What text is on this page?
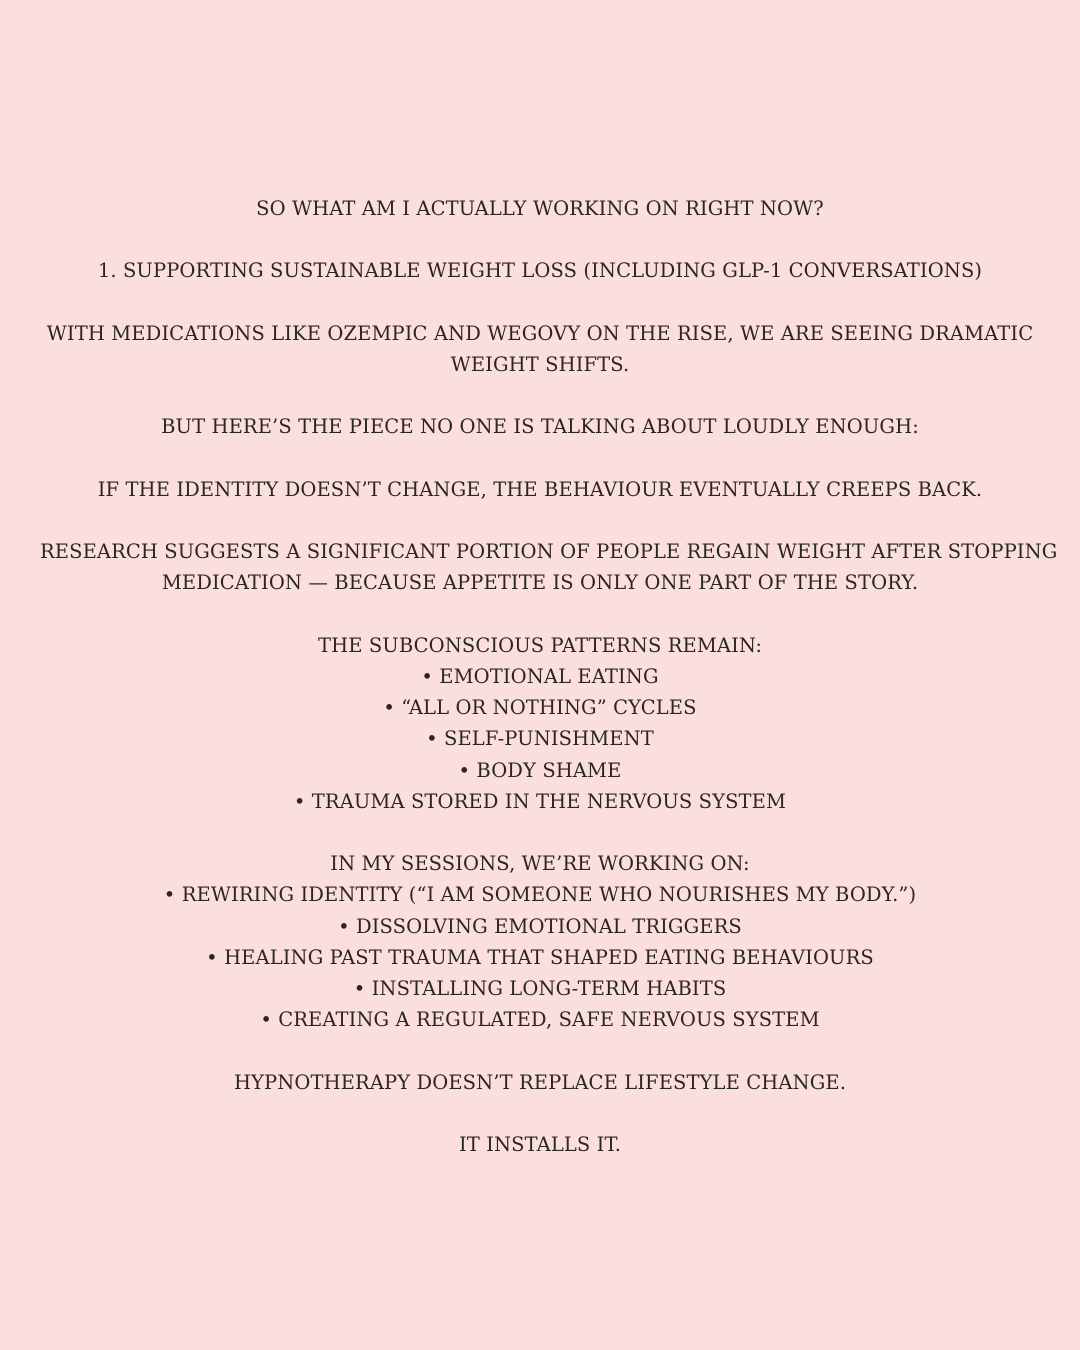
SO WHAT AM I ACTUALLY WORKING ON RIGHT NOW?

1. SUPPORTING SUSTAINABLE WEIGHT LOSS (INCLUDING GLP-1 CONVERSATIONS)

WITH MEDICATIONS LIKE OZEMPIC AND WEGOVY ON THE RISE, WE ARE SEEING DRAMATIC

WEIGHT SHIFTS.

BUT HERE’S THE PIECE NO ONE IS TALKING ABOUT LOUDLY ENOUGH:

IF THE IDENTITY DOESN’T CHANGE, THE BEHAVIOUR EVENTUALLY CREEPS BACK.

RESEARCH SUGGESTS A SIGNIFICANT PORTION OF PEOPLE REGAIN WEIGHT AFTER STOPPING

MEDICATION — BECAUSE APPETITE IS ONLY ONE PART OF THE STORY.

THE SUBCONSCIOUS PATTERNS REMAIN:

• EMOTIONAL EATING

• “ALL OR NOTHING” CYCLES

• SELF-PUNISHMENT

• BODY SHAME

• TRAUMA STORED IN THE NERVOUS SYSTEM

IN MY SESSIONS, WE’RE WORKING ON:

• REWIRING IDENTITY (“I AM SOMEONE WHO NOURISHES MY BODY.”)

• DISSOLVING EMOTIONAL TRIGGERS

• HEALING PAST TRAUMA THAT SHAPED EATING BEHAVIOURS

• INSTALLING LONG-TERM HABITS

• CREATING A REGULATED, SAFE NERVOUS SYSTEM

HYPNOTHERAPY DOESN’T REPLACE LIFESTYLE CHANGE.

IT INSTALLS IT.
